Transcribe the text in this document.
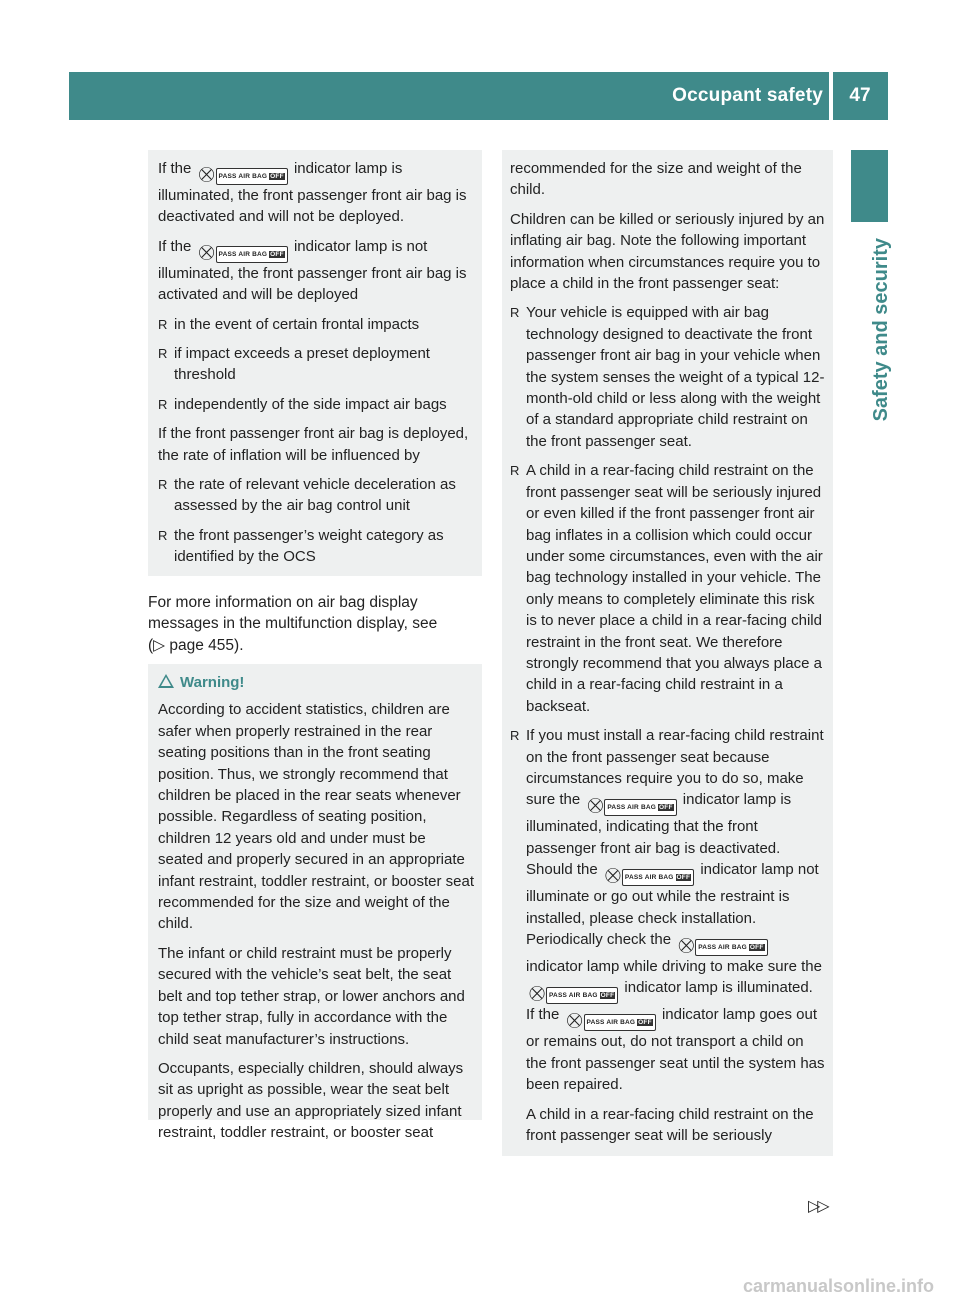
Occupant safety	47
Safety and security

If the ⛒ PASS AIR BAG OFF indicator lamp is illuminated, the front passenger front air bag is deactivated and will not be deployed.

If the ⛒ PASS AIR BAG OFF indicator lamp is not illuminated, the front passenger front air bag is activated and will be deployed

R in the event of certain frontal impacts
R if impact exceeds a preset deployment threshold
R independently of the side impact air bags

If the front passenger front air bag is deployed, the rate of inflation will be influenced by

R the rate of relevant vehicle deceleration as assessed by the air bag control unit
R the front passenger’s weight category as identified by the OCS
For more information on air bag display messages in the multifunction display, see
(▷ page 455).
Warning!

According to accident statistics, children are safer when properly restrained in the rear seating positions than in the front seating position. Thus, we strongly recommend that children be placed in the rear seats whenever possible. Regardless of seating position, children 12 years old and under must be seated and properly secured in an appropriate infant restraint, toddler restraint, or booster seat recommended for the size and weight of the child.

The infant or child restraint must be properly secured with the vehicle’s seat belt, the seat belt and top tether strap, or lower anchors and top tether strap, fully in accordance with the child seat manufacturer’s instructions.

Occupants, especially children, should always sit as upright as possible, wear the seat belt properly and use an appropriately sized infant restraint, toddler restraint, or booster seat

recommended for the size and weight of the child.

Children can be killed or seriously injured by an inflating air bag. Note the following important information when circumstances require you to place a child in the front passenger seat:

R Your vehicle is equipped with air bag technology designed to deactivate the front passenger front air bag in your vehicle when the system senses the weight of a typical 12-month-old child or less along with the weight of a standard appropriate child restraint on the front passenger seat.
R A child in a rear-facing child restraint on the front passenger seat will be seriously injured or even killed if the front passenger front air bag inflates in a collision which could occur under some circumstances, even with the air bag technology installed in your vehicle. The only means to completely eliminate this risk is to never place a child in a rear-facing child restraint in the front seat. We therefore strongly recommend that you always place a child in a rear-facing child restraint in a backseat.
R If you must install a rear-facing child restraint on the front passenger seat because circumstances require you to do so, make sure the ⛒ PASS AIR BAG OFF indicator lamp is illuminated, indicating that the front passenger front air bag is deactivated. Should the ⛒ PASS AIR BAG OFF indicator lamp not illuminate or go out while the restraint is installed, please check installation. Periodically check the ⛒ PASS AIR BAG OFF indicator lamp while driving to make sure the ⛒ PASS AIR BAG OFF indicator lamp is illuminated. If the ⛒ PASS AIR BAG OFF indicator lamp goes out or remains out, do not transport a child on the front passenger seat until the system has been repaired.

A child in a rear-facing child restraint on the front passenger seat will be seriously

▷▷
carmanualsonline.info
